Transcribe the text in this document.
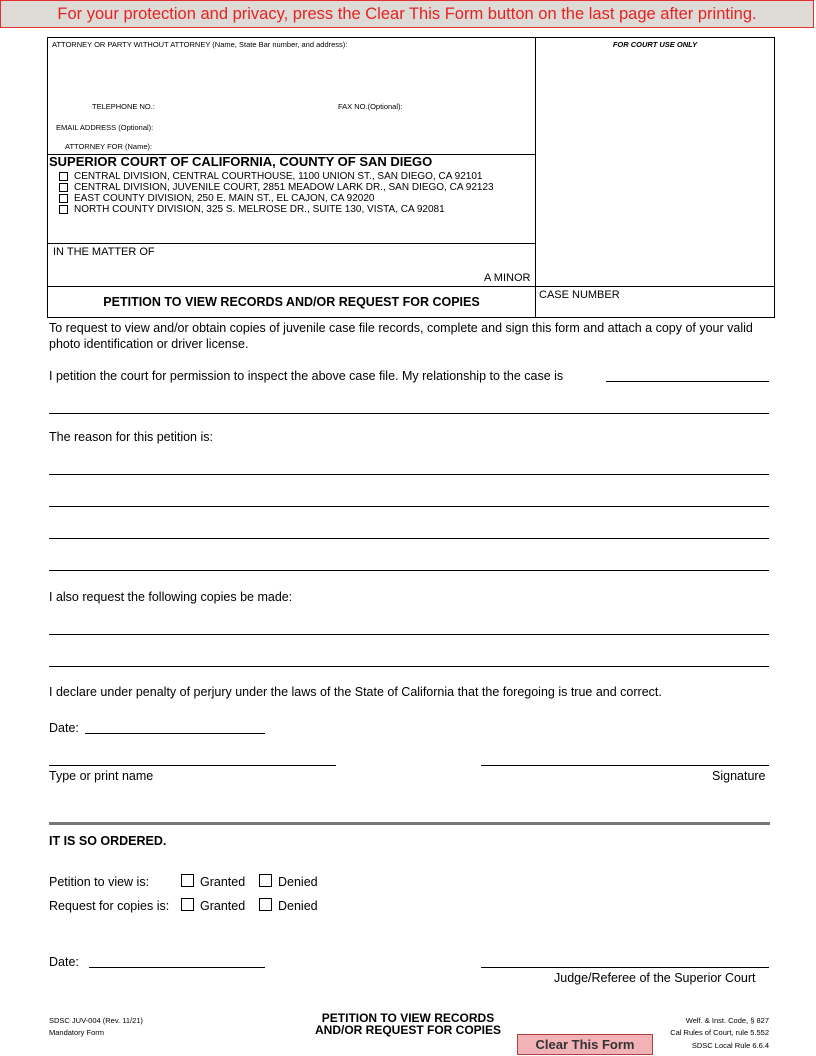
For your protection and privacy, press the Clear This Form button on the last page after printing.
ATTORNEY OR PARTY WITHOUT ATTORNEY (Name, State Bar number, and address):	FOR COURT USE ONLY
TELEPHONE NO.:	FAX NO.(Optional):
EMAIL ADDRESS (Optional):
ATTORNEY FOR (Name):
SUPERIOR COURT OF CALIFORNIA, COUNTY OF SAN DIEGO
CENTRAL DIVISION, CENTRAL COURTHOUSE, 1100 UNION ST., SAN DIEGO, CA 92101
CENTRAL DIVISION, JUVENILE COURT, 2851 MEADOW LARK DR., SAN DIEGO, CA 92123
EAST COUNTY DIVISION, 250 E. MAIN ST., EL CAJON, CA 92020
NORTH COUNTY DIVISION, 325 S. MELROSE DR., SUITE 130, VISTA, CA 92081
IN THE MATTER OF
A MINOR
PETITION TO VIEW RECORDS AND/OR REQUEST FOR COPIES	CASE NUMBER
To request to view and/or obtain copies of juvenile case file records, complete and sign this form and attach a copy of your valid photo identification or driver license.
I petition the court for permission to inspect the above case file. My relationship to the case is
The reason for this petition is:
I also request the following copies be made:
I declare under penalty of perjury under the laws of the State of California that the foregoing is true and correct.
Date:
Type or print name	Signature
IT IS SO ORDERED.
Petition to view is:	Granted	Denied
Request for copies is: Granted	Denied
Date:
Judge/Referee of the Superior Court
SDSC JUV-004 (Rev. 11/21)
Mandatory Form
PETITION TO VIEW RECORDS
AND/OR REQUEST FOR COPIES
Welf. & Inst. Code, § 827
Cal Rules of Court, rule 5.552
SDSC Local Rule 6.6.4
Clear This Form
